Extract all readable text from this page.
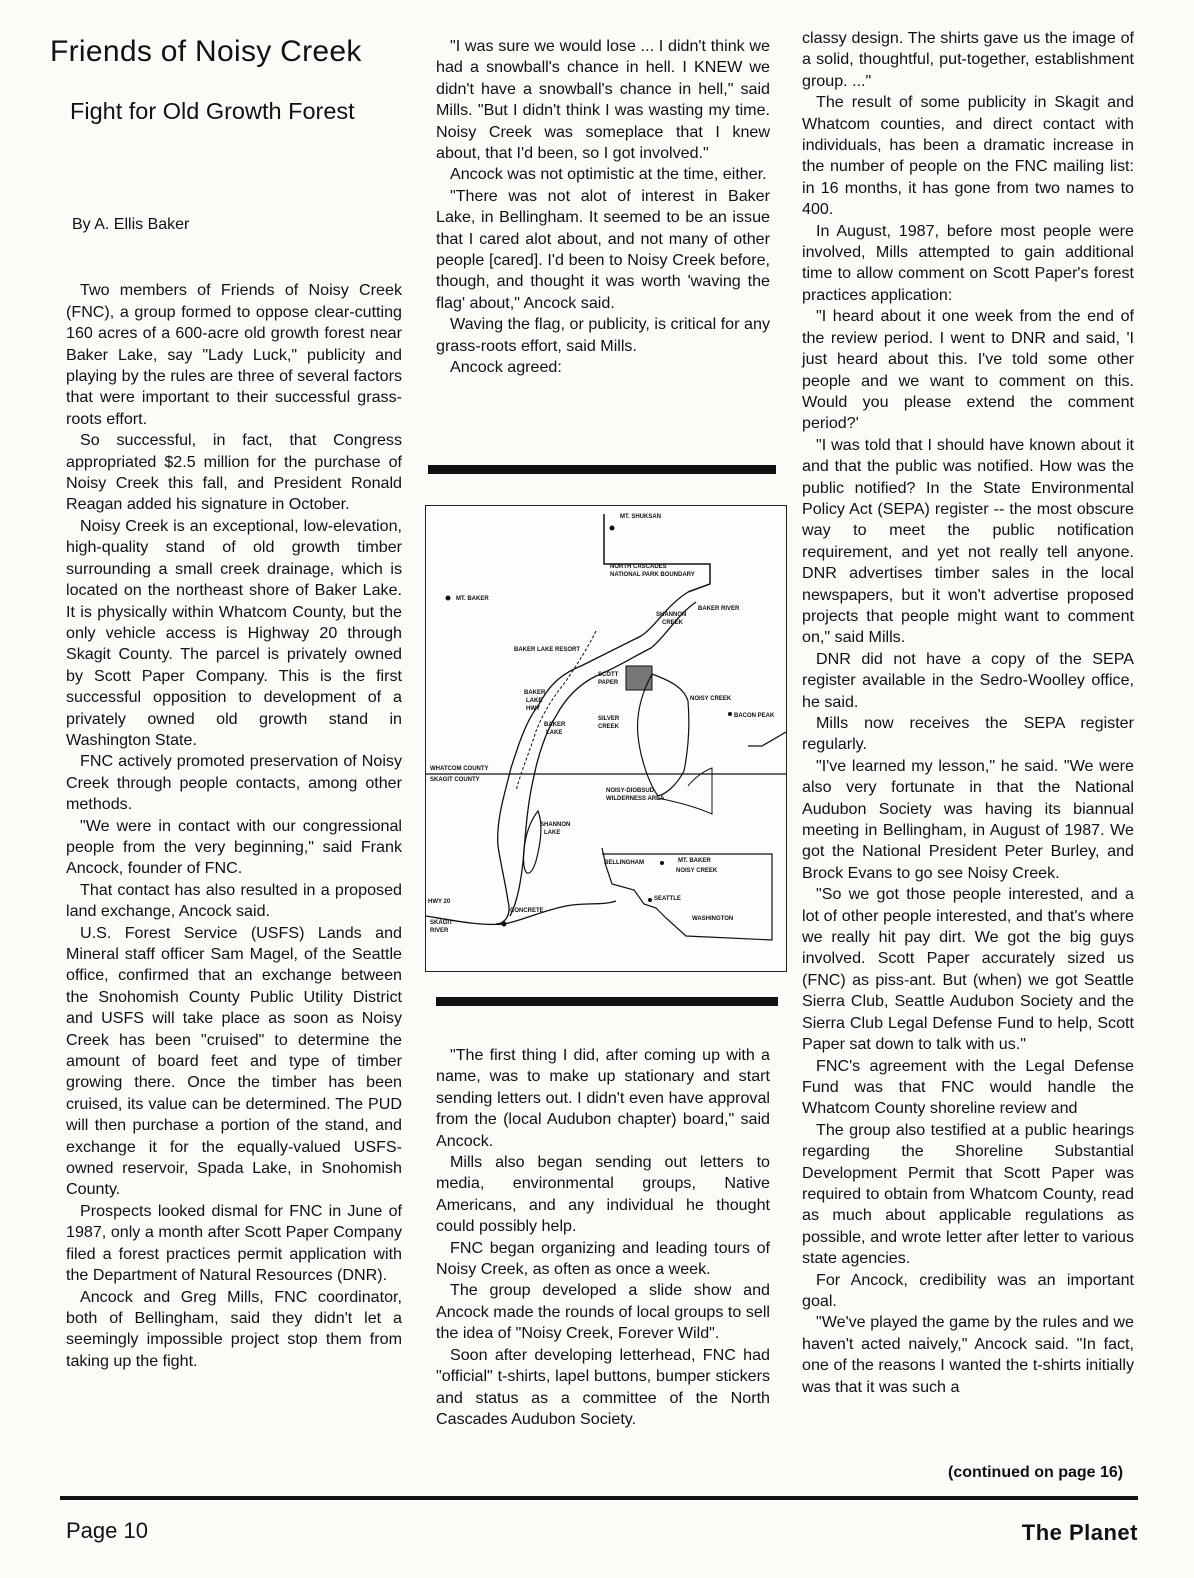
Friends of Noisy Creek
Fight for Old Growth Forest
By A. Ellis Baker

Two members of Friends of Noisy Creek (FNC), a group formed to oppose clear-cutting 160 acres of a 600-acre old growth forest near Baker Lake, say "Lady Luck," publicity and playing by the rules are three of several factors that were important to their successful grass-roots effort.

So successful, in fact, that Congress appropriated $2.5 million for the purchase of Noisy Creek this fall, and President Ronald Reagan added his signature in October.

Noisy Creek is an exceptional, low-elevation, high-quality stand of old growth timber surrounding a small creek drainage, which is located on the northeast shore of Baker Lake. It is physically within Whatcom County, but the only vehicle access is Highway 20 through Skagit County. The parcel is privately owned by Scott Paper Company. This is the first successful opposition to development of a privately owned old growth stand in Washington State.

FNC actively promoted preservation of Noisy Creek through people contacts, among other methods.

"We were in contact with our congressional people from the very beginning," said Frank Ancock, founder of FNC.

That contact has also resulted in a proposed land exchange, Ancock said.

U.S. Forest Service (USFS) Lands and Mineral staff officer Sam Magel, of the Seattle office, confirmed that an exchange between the Snohomish County Public Utility District and USFS will take place as soon as Noisy Creek has been "cruised" to determine the amount of board feet and type of timber growing there. Once the timber has been cruised, its value can be determined. The PUD will then purchase a portion of the stand, and exchange it for the equally-valued USFS-owned reservoir, Spada Lake, in Snohomish County.

Prospects looked dismal for FNC in June of 1987, only a month after Scott Paper Company filed a forest practices permit application with the Department of Natural Resources (DNR).

Ancock and Greg Mills, FNC coordinator, both of Bellingham, said they didn't let a seemingly impossible project stop them from taking up the fight.

"I was sure we would lose ... I didn't think we had a snowball's chance in hell. I KNEW we didn't have a snowball's chance in hell," said Mills. "But I didn't think I was wasting my time. Noisy Creek was someplace that I knew about, that I'd been, so I got involved."

Ancock was not optimistic at the time, either.

"There was not alot of interest in Baker Lake, in Bellingham. It seemed to be an issue that I cared alot about, and not many of other people [cared]. I'd been to Noisy Creek before, though, and thought it was worth 'waving the flag' about," Ancock said.

Waving the flag, or publicity, is critical for any grass-roots effort, said Mills.

Ancock agreed:

MT. SHUKSAN
NORTH CASCADES
NATIONAL PARK BOUNDARY
MT. BAKER
BAKER RIVER
SHANNON
CREEK
BAKER LAKE RESORT
SCOTT
PAPER
BAKER
LAKE
HWY
BAKER
LAKE
SILVER
CREEK
NOISY CREEK
BACON PEAK
WHATCOM COUNTY
SKAGIT COUNTY
NOISY-DIOBSUD
WILDERNESS AREA
SHANNON
LAKE
HWY 20
SKAGIT
RIVER
CONCRETE
BELLINGHAM	MT. BAKER
NOISY CREEK
SEATTLE
WASHINGTON

"The first thing I did, after coming up with a name, was to make up stationary and start sending letters out. I didn't even have approval from the (local Audubon chapter) board," said Ancock.

Mills also began sending out letters to media, environmental groups, Native Americans, and any individual he thought could possibly help.

FNC began organizing and leading tours of Noisy Creek, as often as once a week.

The group developed a slide show and Ancock made the rounds of local groups to sell the idea of "Noisy Creek, Forever Wild".

Soon after developing letterhead, FNC had "official" t-shirts, lapel buttons, bumper stickers and status as a committee of the North Cascades Audubon Society.

classy design. The shirts gave us the image of a solid, thoughtful, put-together, establishment group. ..."

The result of some publicity in Skagit and Whatcom counties, and direct contact with individuals, has been a dramatic increase in the number of people on the FNC mailing list: in 16 months, it has gone from two names to 400.

In August, 1987, before most people were involved, Mills attempted to gain additional time to allow comment on Scott Paper's forest practices application:

"I heard about it one week from the end of the review period. I went to DNR and said, 'I just heard about this. I've told some other people and we want to comment on this. Would you please extend the comment period?'

"I was told that I should have known about it and that the public was notified. How was the public notified? In the State Environmental Policy Act (SEPA) register -- the most obscure way to meet the public notification requirement, and yet not really tell anyone. DNR advertises timber sales in the local newspapers, but it won't advertise proposed projects that people might want to comment on," said Mills.

DNR did not have a copy of the SEPA register available in the Sedro-Woolley office, he said.

Mills now receives the SEPA register regularly.

"I've learned my lesson," he said. "We were also very fortunate in that the National Audubon Society was having its biannual meeting in Bellingham, in August of 1987. We got the National President Peter Burley, and Brock Evans to go see Noisy Creek.

"So we got those people interested, and a lot of other people interested, and that's where we really hit pay dirt. We got the big guys involved. Scott Paper accurately sized us (FNC) as piss-ant. But (when) we got Seattle Sierra Club, Seattle Audubon Society and the Sierra Club Legal Defense Fund to help, Scott Paper sat down to talk with us."

FNC's agreement with the Legal Defense Fund was that FNC would handle the Whatcom County shoreline review and

The group also testified at a public hearings regarding the Shoreline Substantial Development Permit that Scott Paper was required to obtain from Whatcom County, read as much about applicable regulations as possible, and wrote letter after letter to various state agencies.

For Ancock, credibility was an important goal.

"We've played the game by the rules and we haven't acted naively," Ancock said. "In fact, one of the reasons I wanted the t-shirts initially was that it was such a

(continued on page 16)
Page 10	The Planet
